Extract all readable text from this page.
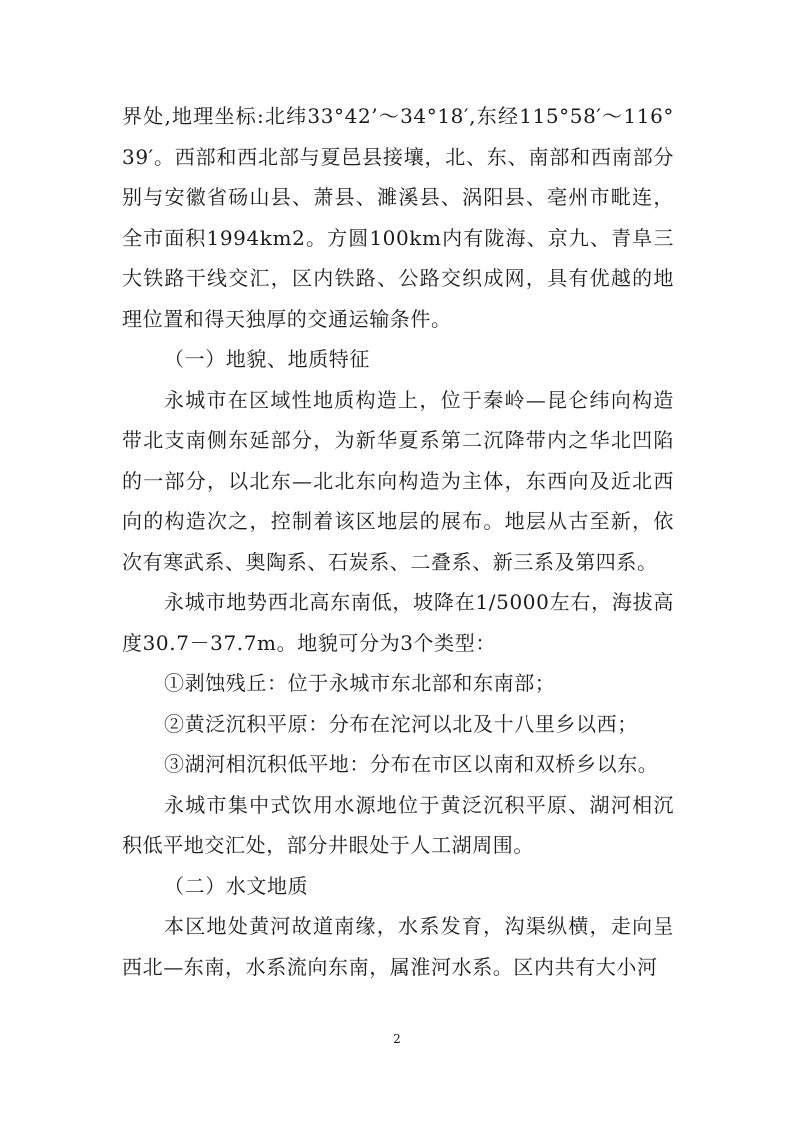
界处,地理坐标:北纬33°42’～34°18′,东经115°58′～116°39′。西部和西北部与夏邑县接壤，北、东、南部和西南部分别与安徽省砀山县、萧县、濉溪县、涡阳县、亳州市毗连，全市面积1994km2。方圆100km内有陇海、京九、青阜三大铁路干线交汇，区内铁路、公路交织成网，具有优越的地理位置和得天独厚的交通运输条件。

（一）地貌、地质特征

永城市在区域性地质构造上，位于秦岭—昆仑纬向构造带北支南侧东延部分，为新华夏系第二沉降带内之华北凹陷的一部分，以北东—北北东向构造为主体，东西向及近北西向的构造次之，控制着该区地层的展布。地层从古至新，依次有寒武系、奥陶系、石炭系、二叠系、新三系及第四系。

永城市地势西北高东南低，坡降在1/5000左右，海拔高度30.7－37.7m。地貌可分为3个类型：

①剥蚀残丘：位于永城市东北部和东南部；

②黄泛沉积平原：分布在沱河以北及十八里乡以西；

③湖河相沉积低平地：分布在市区以南和双桥乡以东。

永城市集中式饮用水源地位于黄泛沉积平原、湖河相沉积低平地交汇处，部分井眼处于人工湖周围。

（二）水文地质

本区地处黄河故道南缘，水系发育，沟渠纵横，走向呈西北—东南，水系流向东南，属淮河水系。区内共有大小河

2
